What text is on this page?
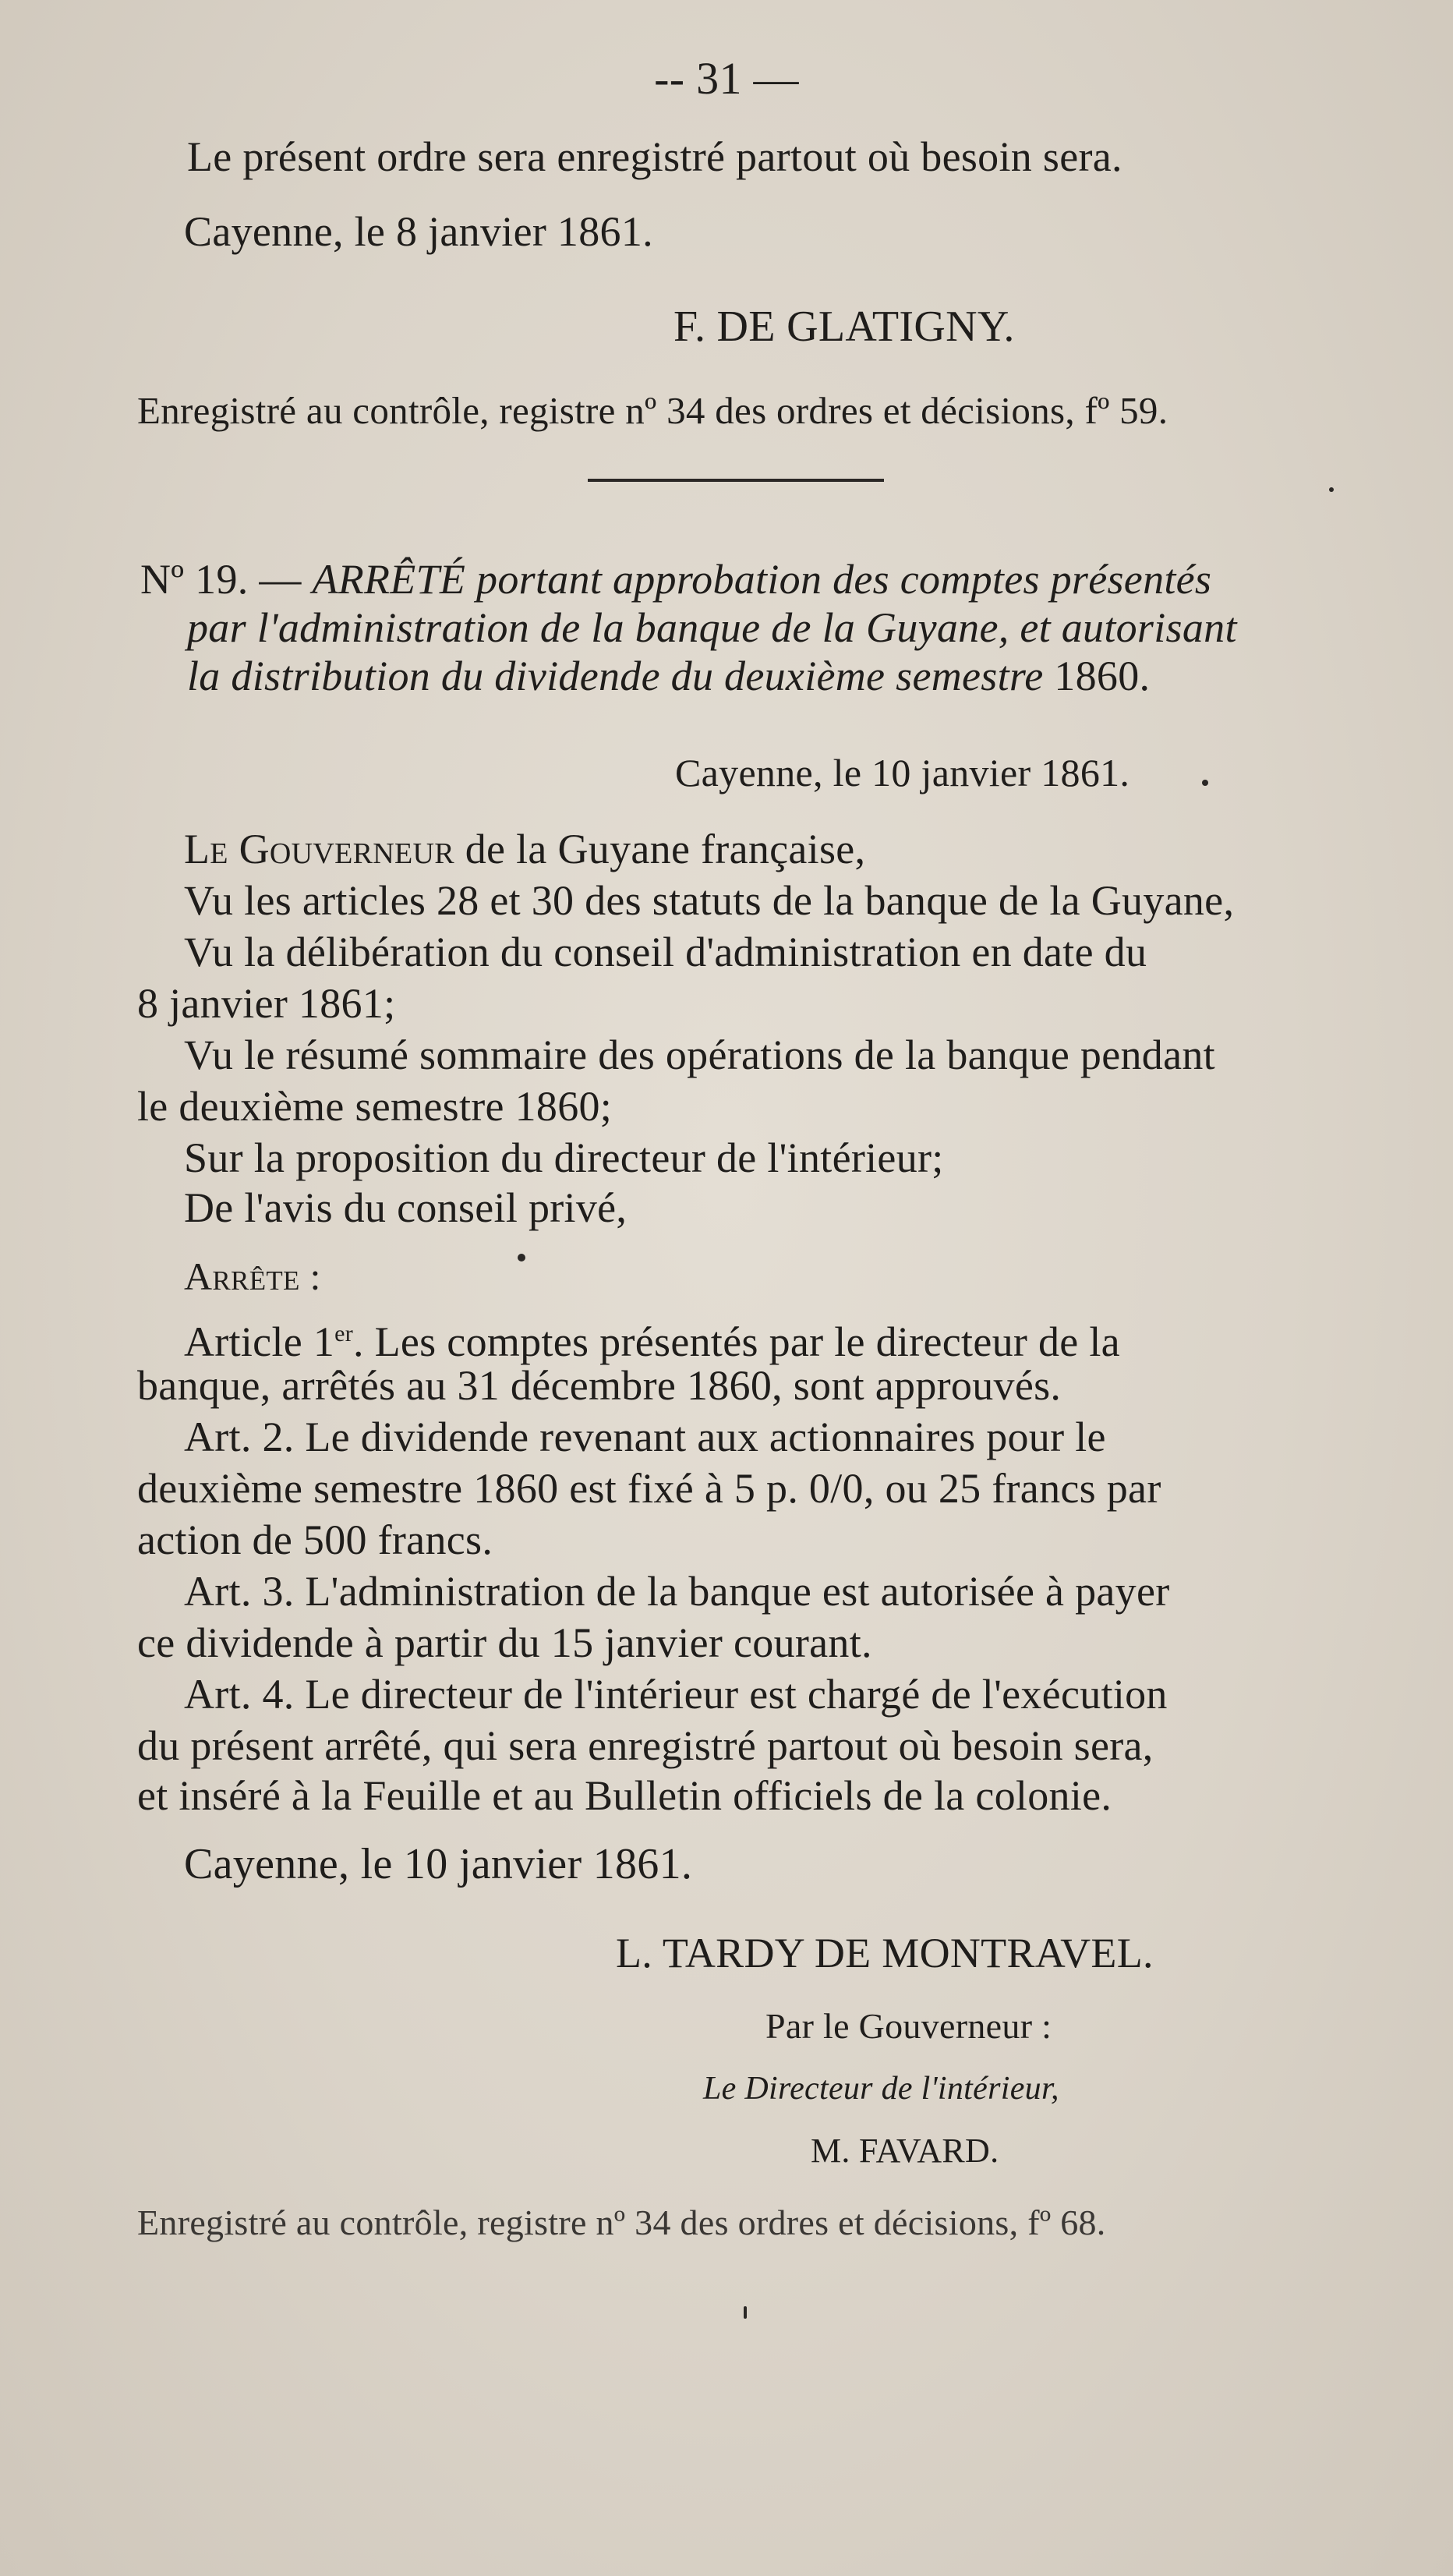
-- 31 —
Le présent ordre sera enregistré partout où besoin sera.
Cayenne, le 8 janvier 1861.
F. DE GLATIGNY.
Enregistré au contrôle, registre nº 34 des ordres et décisions, fº 59.
Nº 19. — ARRÊTÉ portant approbation des comptes présentés
par l'administration de la banque de la Guyane, et autorisant
la distribution du dividende du deuxième semestre 1860.
Cayenne, le 10 janvier 1861.
Le Gouverneur de la Guyane française,
Vu les articles 28 et 30 des statuts de la banque de la Guyane,
Vu la délibération du conseil d'administration en date du
8 janvier 1861;
Vu le résumé sommaire des opérations de la banque pendant
le deuxième semestre 1860;
Sur la proposition du directeur de l'intérieur;
De l'avis du conseil privé,
Arrête :
Article 1er. Les comptes présentés par le directeur de la
banque, arrêtés au 31 décembre 1860, sont approuvés.
Art. 2. Le dividende revenant aux actionnaires pour le
deuxième semestre 1860 est fixé à 5 p. 0/0, ou 25 francs par
action de 500 francs.
Art. 3. L'administration de la banque est autorisée à payer
ce dividende à partir du 15 janvier courant.
Art. 4. Le directeur de l'intérieur est chargé de l'exécution
du présent arrêté, qui sera enregistré partout où besoin sera,
et inséré à la Feuille et au Bulletin officiels de la colonie.
Cayenne, le 10 janvier 1861.
L. TARDY DE MONTRAVEL.
Par le Gouverneur :
Le Directeur de l'intérieur,
M. FAVARD.
Enregistré au contrôle, registre nº 34 des ordres et décisions, fº 68.
